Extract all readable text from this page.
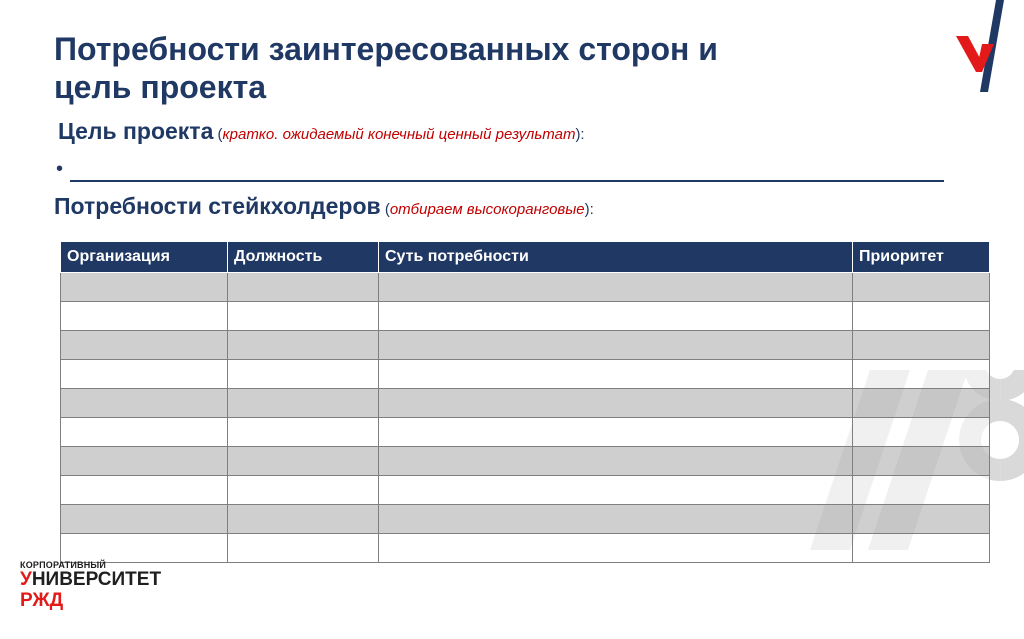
Потребности заинтересованных сторон и
цель проекта
Цель проекта (кратко. ожидаемый конечный ценный результат):
•
Потребности стейкхолдеров (отбираем высокоранговые):
Организация	Должность	Суть потребности	Приоритет

КОРПОРАТИВНЫЙ
УНИВЕРСИТЕТ
РЖД
